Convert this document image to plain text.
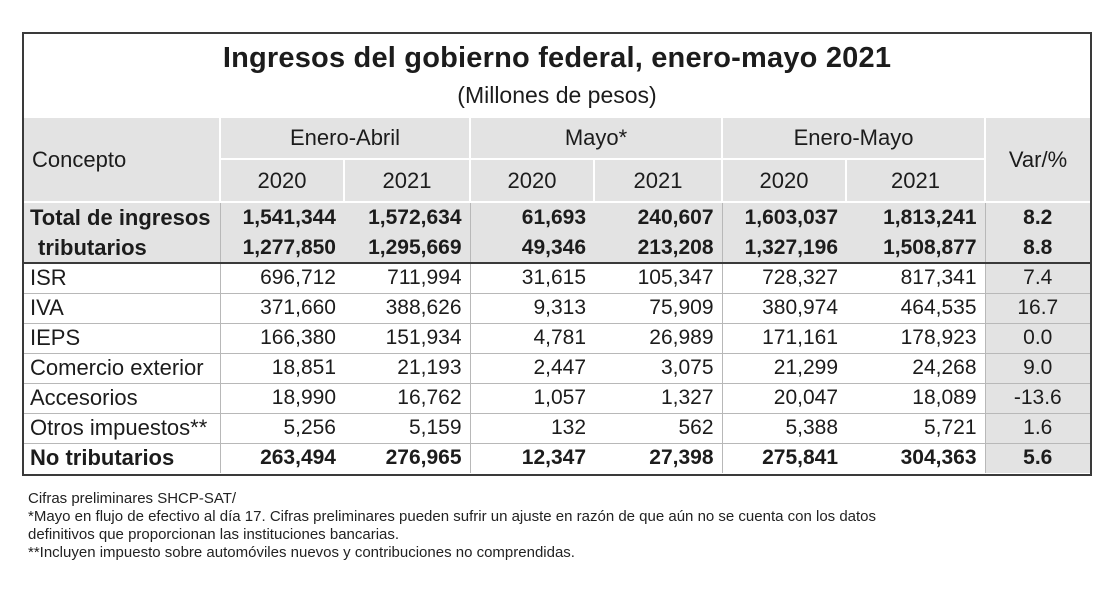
Ingresos del gobierno federal, enero-mayo 2021
(Millones de pesos)
Concepto	Enero-Abril		Mayo*		Enero-Mayo		Var/%
	2020	2021	2020	2021	2020	2021	
Total de ingresos	1,541,344	1,572,634	61,693	240,607	1,603,037	1,813,241	8.2
tributarios	1,277,850	1,295,669	49,346	213,208	1,327,196	1,508,877	8.8
ISR	696,712	711,994	31,615	105,347	728,327	817,341	7.4
IVA	371,660	388,626	9,313	75,909	380,974	464,535	16.7
IEPS	166,380	151,934	4,781	26,989	171,161	178,923	0.0
Comercio exterior	18,851	21,193	2,447	3,075	21,299	24,268	9.0
Accesorios	18,990	16,762	1,057	1,327	20,047	18,089	-13.6
Otros impuestos**	5,256	5,159	132	562	5,388	5,721	1.6
No tributarios	263,494	276,965	12,347	27,398	275,841	304,363	5.6
Cifras preliminares SHCP-SAT/
*Mayo en flujo de efectivo al día 17. Cifras preliminares pueden sufrir un ajuste en razón de que aún no se cuenta con los datos
definitivos que proporcionan las instituciones bancarias.
**Incluyen impuesto sobre automóviles nuevos y contribuciones no comprendidas.
